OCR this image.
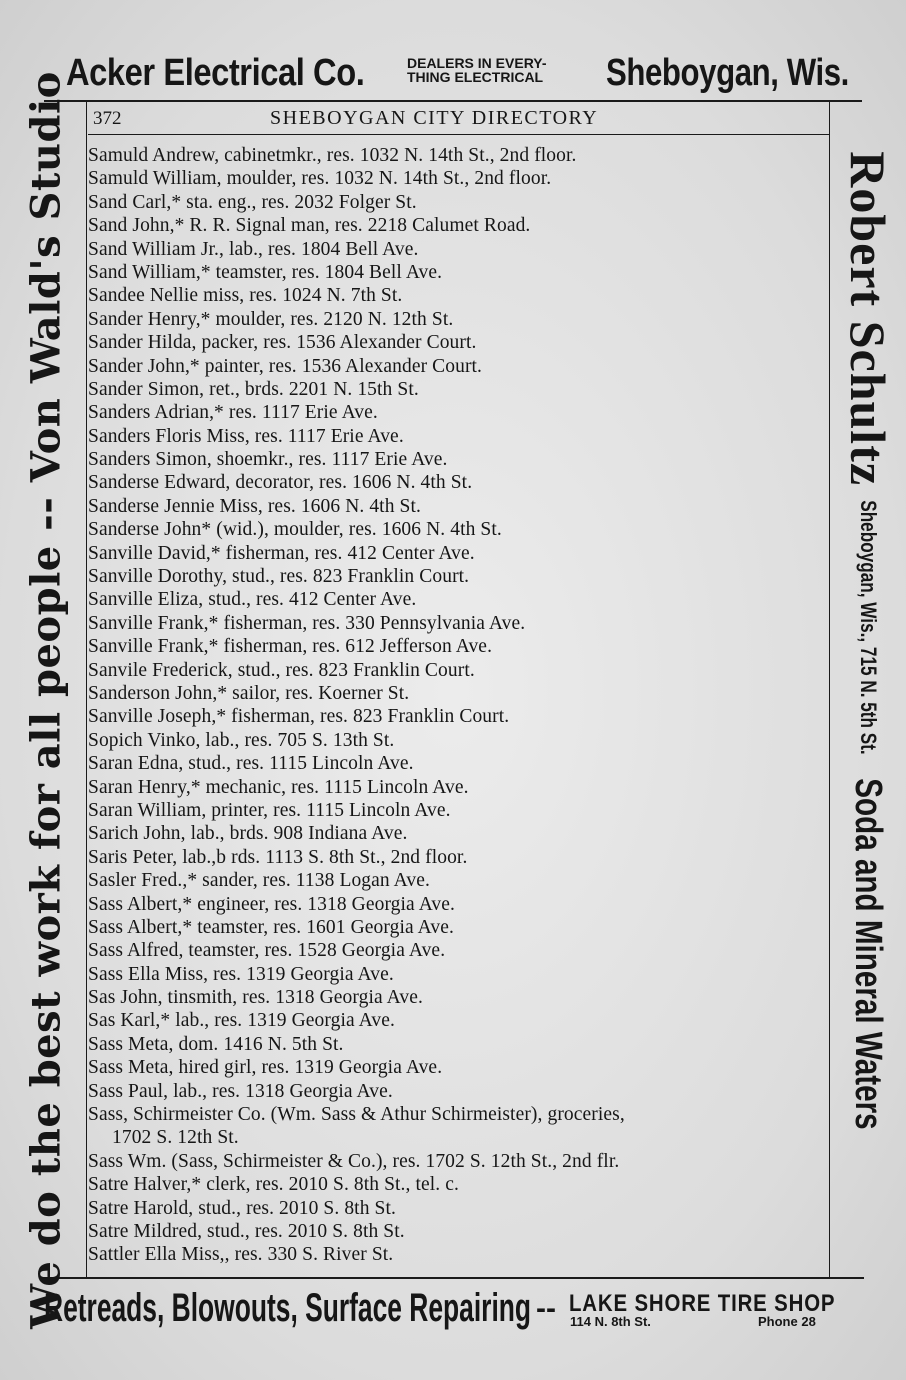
Acker Electrical Co.	DEALERS IN EVERY-
THING ELECTRICAL Sheboygan, Wis.
372	SHEBOYGAN CITY DIRECTORY
Samuld Andrew, cabinetmkr., res. 1032 N. 14th St., 2nd floor.
Samuld William, moulder, res. 1032 N. 14th St., 2nd floor.
Sand Carl,* sta. eng., res. 2032 Folger St.
Sand John,* R. R. Signal man, res. 2218 Calumet Road.
Sand William Jr., lab., res. 1804 Bell Ave.
Sand William,* teamster, res. 1804 Bell Ave.
Sandee Nellie miss, res. 1024 N. 7th St.
Sander Henry,* moulder, res. 2120 N. 12th St.
Sander Hilda, packer, res. 1536 Alexander Court.
Sander John,* painter, res. 1536 Alexander Court.
Sander Simon, ret., brds. 2201 N. 15th St.
Sanders Adrian,* res. 1117 Erie Ave.
Sanders Floris Miss, res. 1117 Erie Ave.
Sanders Simon, shoemkr., res. 1117 Erie Ave.
Sanderse Edward, decorator, res. 1606 N. 4th St.
Sanderse Jennie Miss, res. 1606 N. 4th St.
Sanderse John* (wid.), moulder, res. 1606 N. 4th St.
Sanville David,* fisherman, res. 412 Center Ave.
Sanville Dorothy, stud., res. 823 Franklin Court.
Sanville Eliza, stud., res. 412 Center Ave.
Sanville Frank,* fisherman, res. 330 Pennsylvania Ave.
Sanville Frank,* fisherman, res. 612 Jefferson Ave.
Sanvile Frederick, stud., res. 823 Franklin Court.
Sanderson John,* sailor, res. Koerner St.
Sanville Joseph,* fisherman, res. 823 Franklin Court.
Sopich Vinko, lab., res. 705 S. 13th St.
Saran Edna, stud., res. 1115 Lincoln Ave.
Saran Henry,* mechanic, res. 1115 Lincoln Ave.
Saran William, printer, res. 1115 Lincoln Ave.
Sarich John, lab., brds. 908 Indiana Ave.
Saris Peter, lab.,b rds. 1113 S. 8th St., 2nd floor.
Sasler Fred.,* sander, res. 1138 Logan Ave.
Sass Albert,* engineer, res. 1318 Georgia Ave.
Sass Albert,* teamster, res. 1601 Georgia Ave.
Sass Alfred, teamster, res. 1528 Georgia Ave.
Sass Ella Miss, res. 1319 Georgia Ave.
Sas John, tinsmith, res. 1318 Georgia Ave.
Sas Karl,* lab., res. 1319 Georgia Ave.
Sass Meta, dom. 1416 N. 5th St.
Sass Meta, hired girl, res. 1319 Georgia Ave.
Sass Paul, lab., res. 1318 Georgia Ave.
Sass, Schirmeister Co. (Wm. Sass & Athur Schirmeister), groceries,
1702 S. 12th St.
Sass Wm. (Sass, Schirmeister & Co.), res. 1702 S. 12th St., 2nd flr.
Satre Halver,* clerk, res. 2010 S. 8th St., tel. c.
Satre Harold, stud., res. 2010 S. 8th St.
Satre Mildred, stud., res. 2010 S. 8th St.
Sattler Ella Miss,, res. 330 S. River St.
We do the best work for all people -- Von Wald's Studio	Robert SchultzSheboygan, Wis., 715 N. 5th St.Soda and Mineral Waters
Retreads, Blowouts, Surface Repairing -- LAKE SHORE TIRE SHOP
114 N. 8th St.	Phone 28
